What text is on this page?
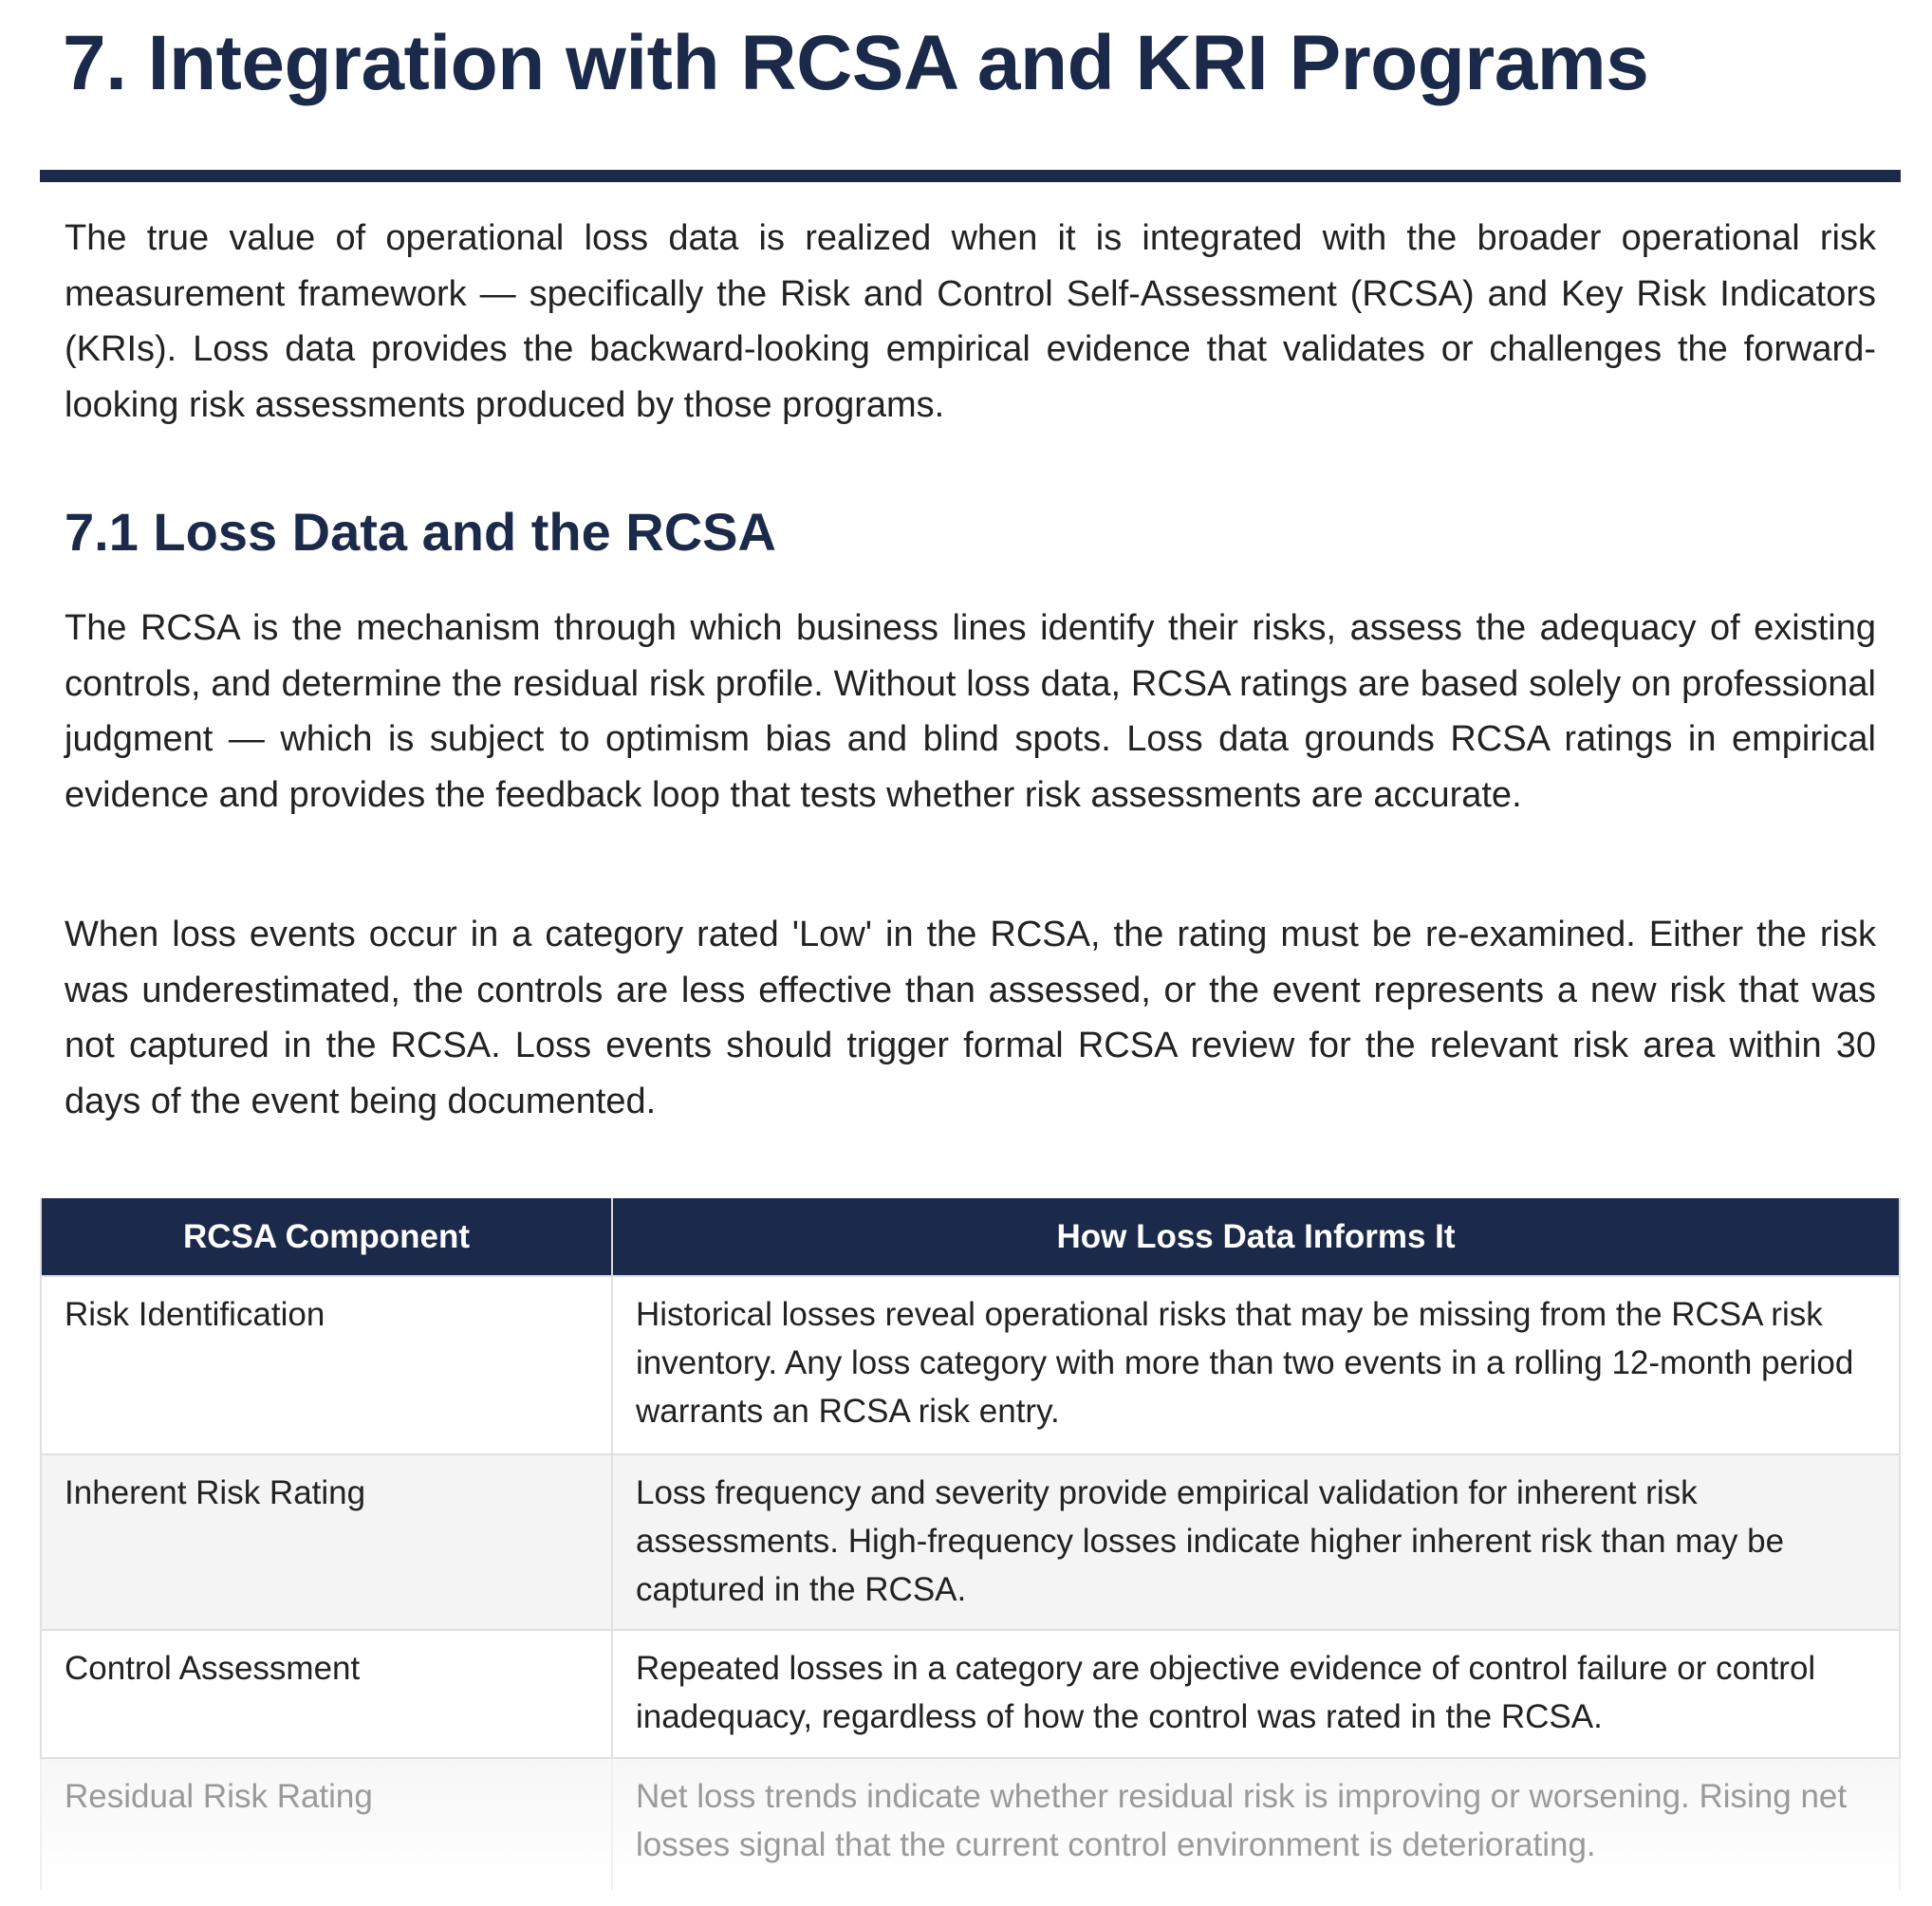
7. Integration with RCSA and KRI Programs

The true value of operational loss data is realized when it is integrated with the broader operational risk measurement framework — specifically the Risk and Control Self-Assessment (RCSA) and Key Risk Indicators (KRIs). Loss data provides the backward-looking empirical evidence that validates or challenges the forward-looking risk assessments produced by those programs.

7.1 Loss Data and the RCSA

The RCSA is the mechanism through which business lines identify their risks, assess the adequacy of existing controls, and determine the residual risk profile. Without loss data, RCSA ratings are based solely on professional judgment — which is subject to optimism bias and blind spots. Loss data grounds RCSA ratings in empirical evidence and provides the feedback loop that tests whether risk assessments are accurate.

When loss events occur in a category rated 'Low' in the RCSA, the rating must be re-examined. Either the risk was underestimated, the controls are less effective than assessed, or the event represents a new risk that was not captured in the RCSA. Loss events should trigger formal RCSA review for the relevant risk area within 30 days of the event being documented.

RCSA Component	How Loss Data Informs It
Risk Identification	Historical losses reveal operational risks that may be missing from the RCSA risk inventory. Any loss category with more than two events in a rolling 12-month period warrants an RCSA risk entry.
Inherent Risk Rating	Loss frequency and severity provide empirical validation for inherent risk assessments. High-frequency losses indicate higher inherent risk than may be captured in the RCSA.
Control Assessment	Repeated losses in a category are objective evidence of control failure or control inadequacy, regardless of how the control was rated in the RCSA.
Residual Risk Rating	Net loss trends indicate whether residual risk is improving or worsening. Rising net losses signal that the current control environment is deteriorating.
